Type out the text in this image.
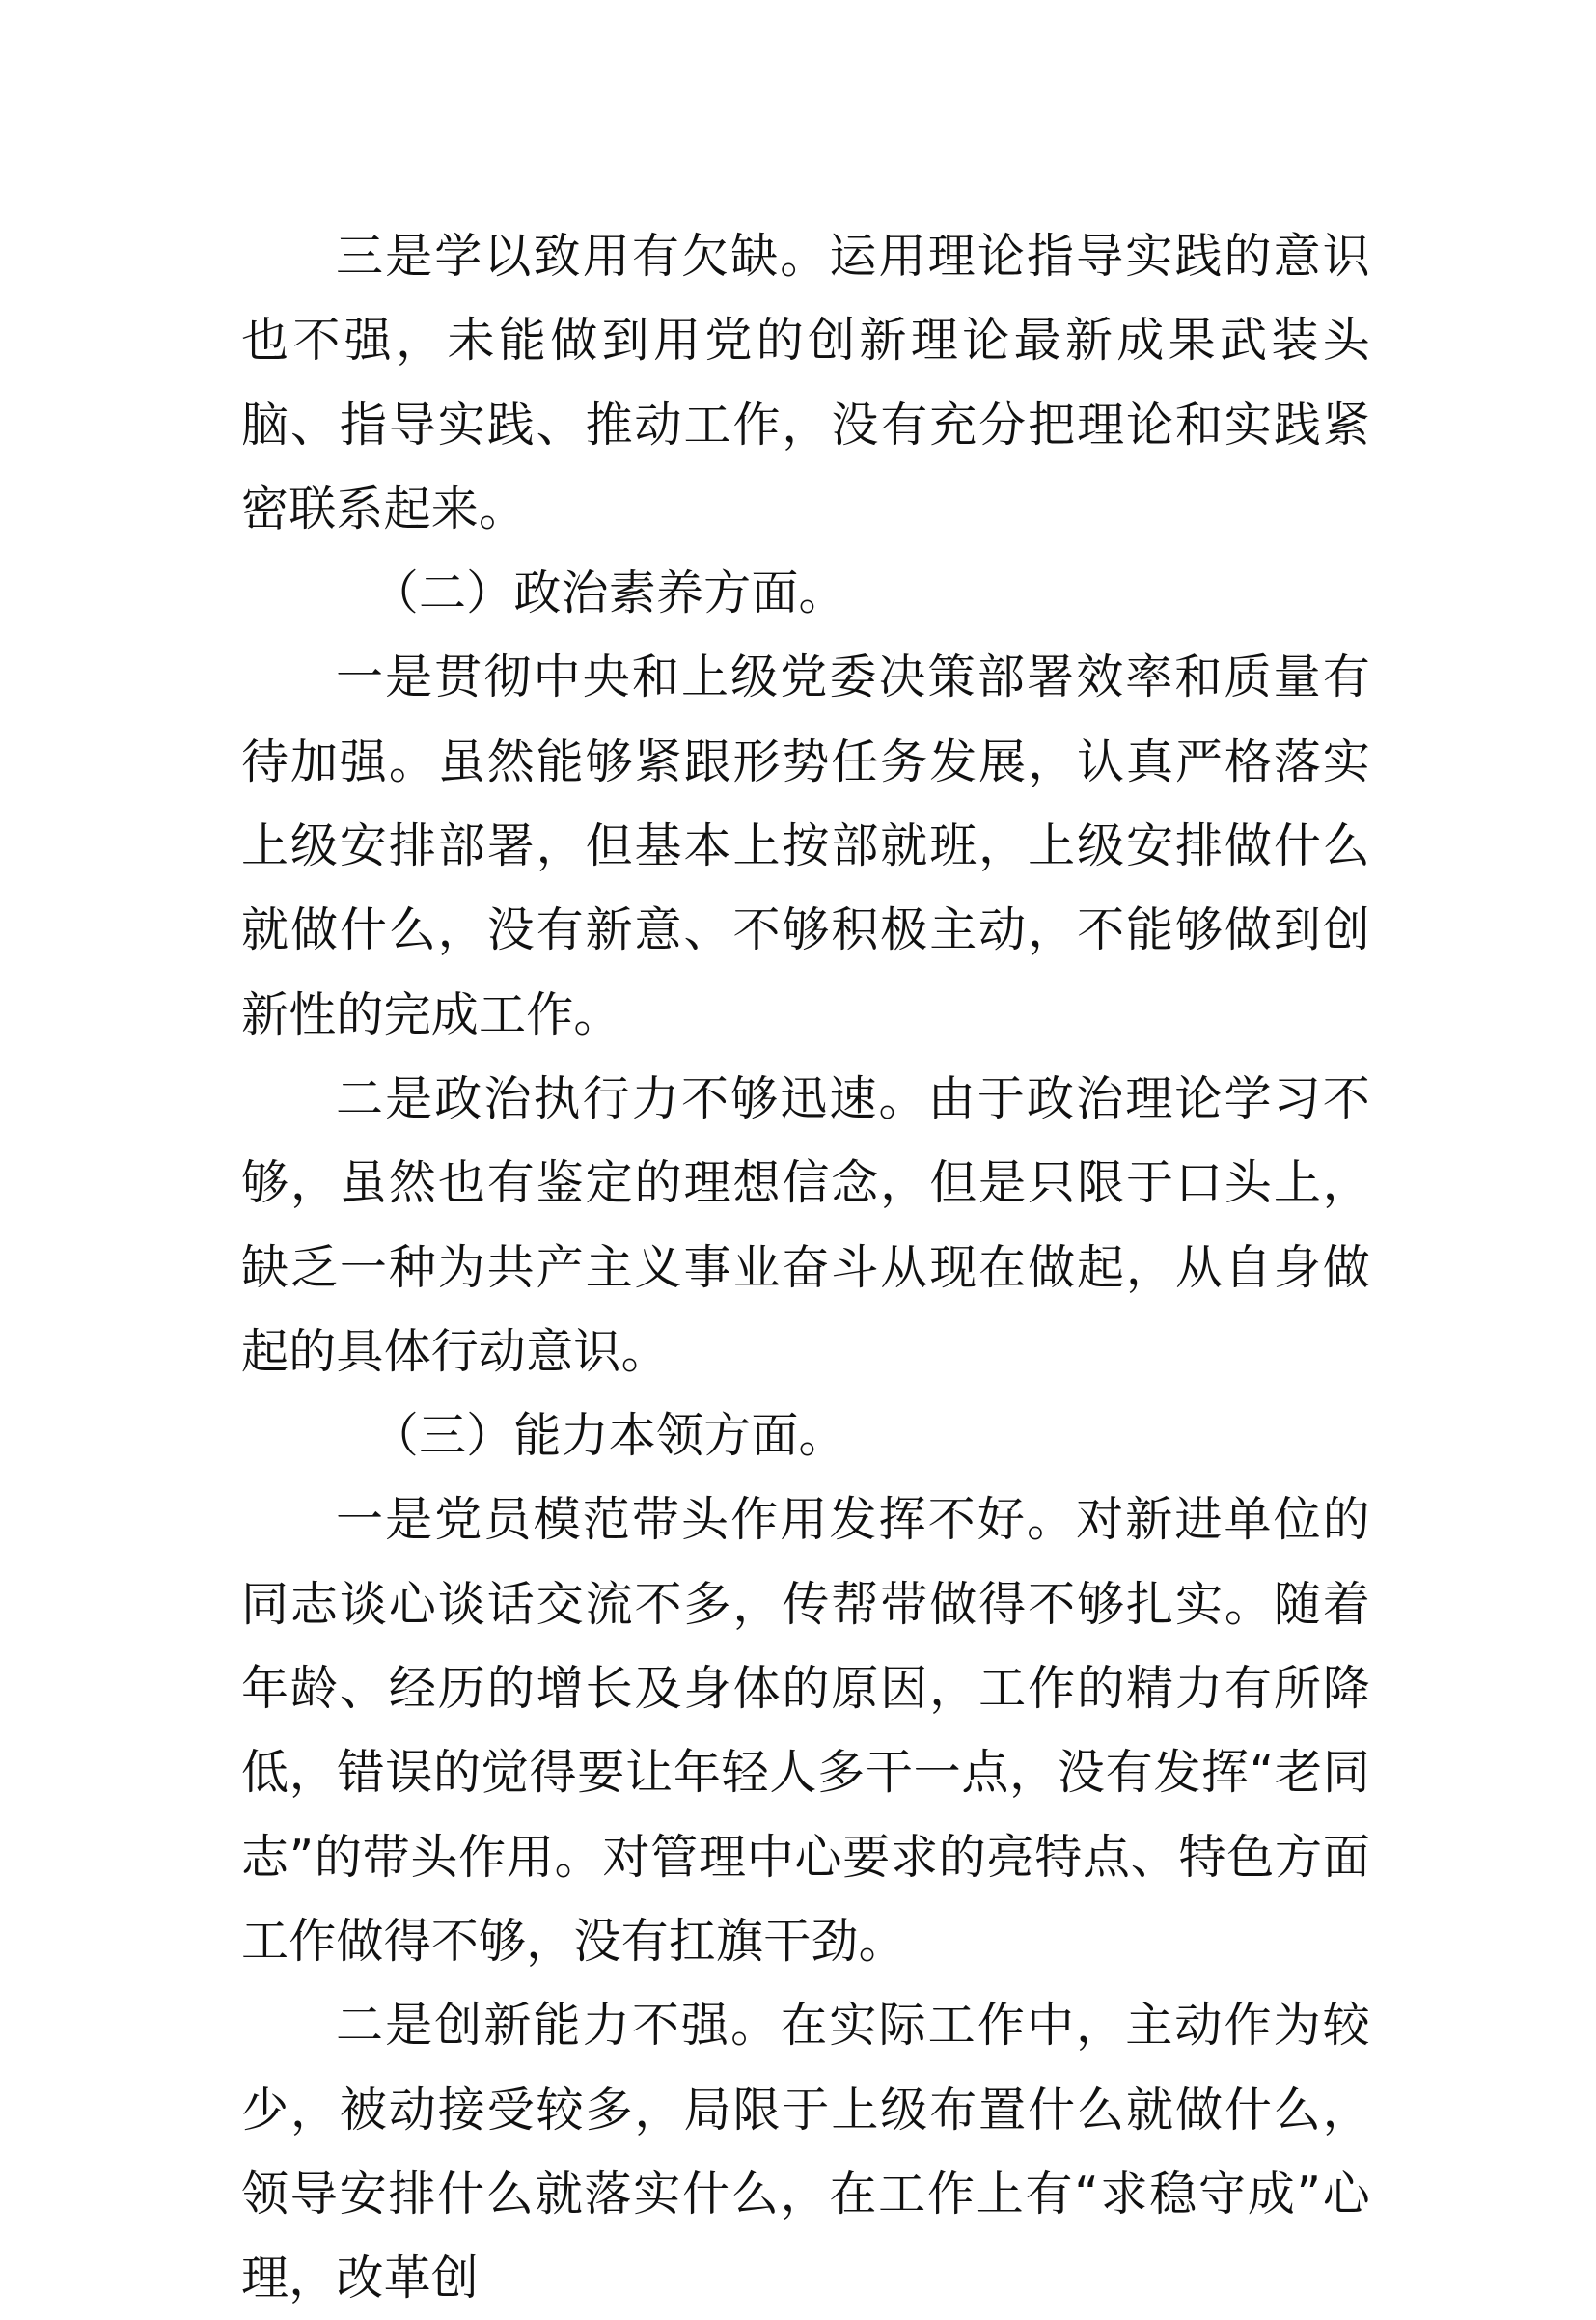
三是学以致用有欠缺。运用理论指导实践的意识也不强，未能做到用党的创新理论最新成果武装头脑、指导实践、推动工作，没有充分把理论和实践紧密联系起来。

（二）政治素养方面。

一是贯彻中央和上级党委决策部署效率和质量有待加强。虽然能够紧跟形势任务发展，认真严格落实上级安排部署，但基本上按部就班，上级安排做什么就做什么，没有新意、不够积极主动，不能够做到创新性的完成工作。

二是政治执行力不够迅速。由于政治理论学习不够，虽然也有鉴定的理想信念，但是只限于口头上，缺乏一种为共产主义事业奋斗从现在做起，从自身做起的具体行动意识。

（三）能力本领方面。

一是党员模范带头作用发挥不好。对新进单位的同志谈心谈话交流不多，传帮带做得不够扎实。随着年龄、经历的增长及身体的原因，工作的精力有所降低，错误的觉得要让年轻人多干一点，没有发挥“老同志”的带头作用。对管理中心要求的亮特点、特色方面工作做得不够，没有扛旗干劲。

二是创新能力不强。在实际工作中，主动作为较少，被动接受较多，局限于上级布置什么就做什么，领导安排什么就落实什么，在工作上有“求稳守成”心理，改革创
